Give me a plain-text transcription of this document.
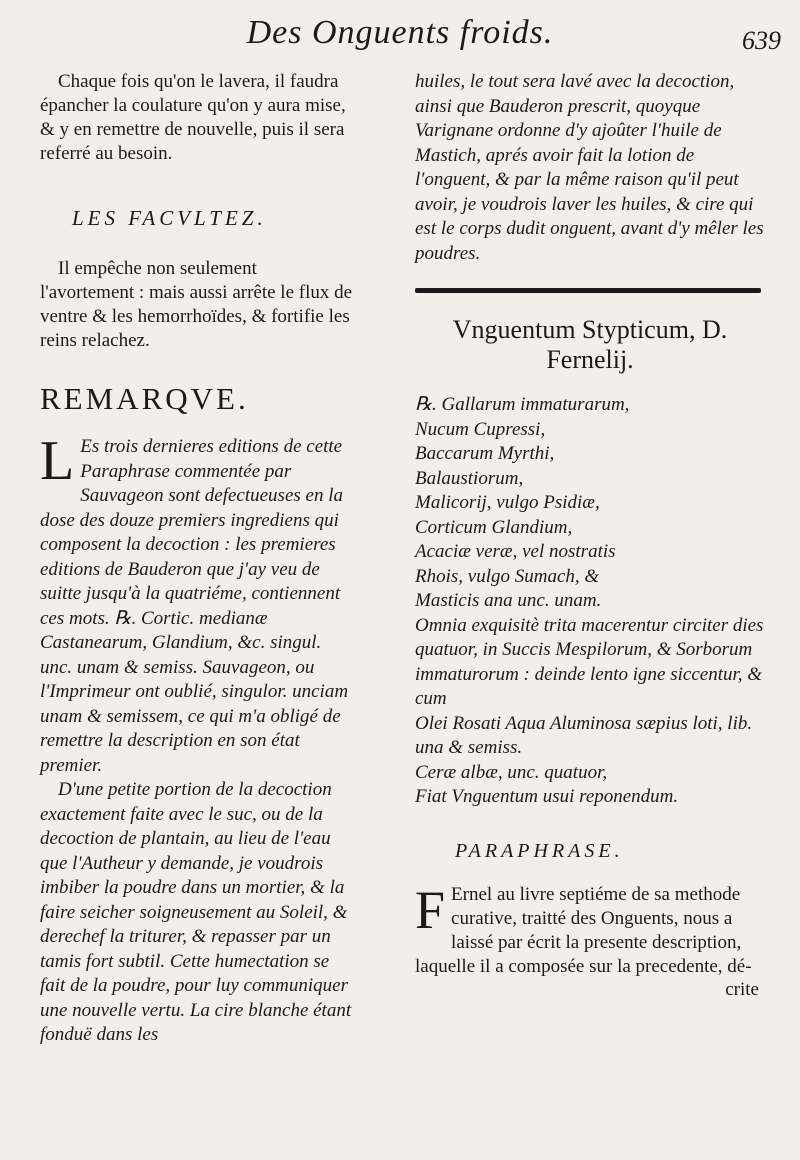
Des Onguents froids.	639

Chaque fois qu'on le lavera, il faudra épancher la coulature qu'on y aura mise, & y en remettre de nouvelle, puis il sera referré au besoin.

LES FACVLTEZ.

Il empêche non seulement l'avortement : mais aussi arrête le flux de ventre & les hemorrhoïdes, & fortifie les reins relachez.

REMARQVE.

L Es trois dernieres editions de cette Paraphrase commentée par Sauvageon sont defectueuses en la dose des douze premiers ingrediens qui composent la decoction : les premieres editions de Bauderon que j'ay veu de suitte jusqu'à la quatriéme, contiennent ces mots. ℞. Cortic. medianæ Castanearum, Glandium, &c. singul. unc. unam & semiss. Sauvageon, ou l'Imprimeur ont oublié, singulor. unciam unam & semissem, ce qui m'a obligé de remettre la description en son état premier.

D'une petite portion de la decoction exactement faite avec le suc, ou de la decoction de plantain, au lieu de l'eau que l'Autheur y demande, je voudrois imbiber la poudre dans un mortier, & la faire seicher soigneusement au Soleil, & derechef la triturer, & repasser par un tamis fort subtil. Cette humectation se fait de la poudre, pour luy communiquer une nouvelle vertu. La cire blanche étant fonduë dans les

huiles, le tout sera lavé avec la decoction, ainsi que Bauderon prescrit, quoyque Varignane ordonne d'y ajoûter l'huile de Mastich, aprés avoir fait la lotion de l'onguent, & par la même raison qu'il peut avoir, je voudrois laver les huiles, & cire qui est le corps dudit onguent, avant d'y mêler les poudres.

Vnguentum Stypticum, D. Fernelij.

℞. Gallarum immaturarum,

Nucum Cupressi,

Baccarum Myrthi,

Balaustiorum,

Malicorij, vulgo Psidiæ,

Corticum Glandium,

Acaciæ veræ, vel nostratis

Rhois, vulgo Sumach, &

Masticis ana unc. unam.

Omnia exquisitè trita macerentur circiter dies quatuor, in Succis Mespilorum, & Sorborum immaturorum : deinde lento igne siccentur, & cum

Olei Rosati Aqua Aluminosa sæpius loti, lib. una & semiss.

Ceræ albæ, unc. quatuor,

Fiat Vnguentum usui reponendum.

PARAPHRASE.

F Ernel au livre septiéme de sa methode curative, traitté des Onguents, nous a laissé par écrit la presente description, laquelle il a composée sur la precedente, dé-

crite
